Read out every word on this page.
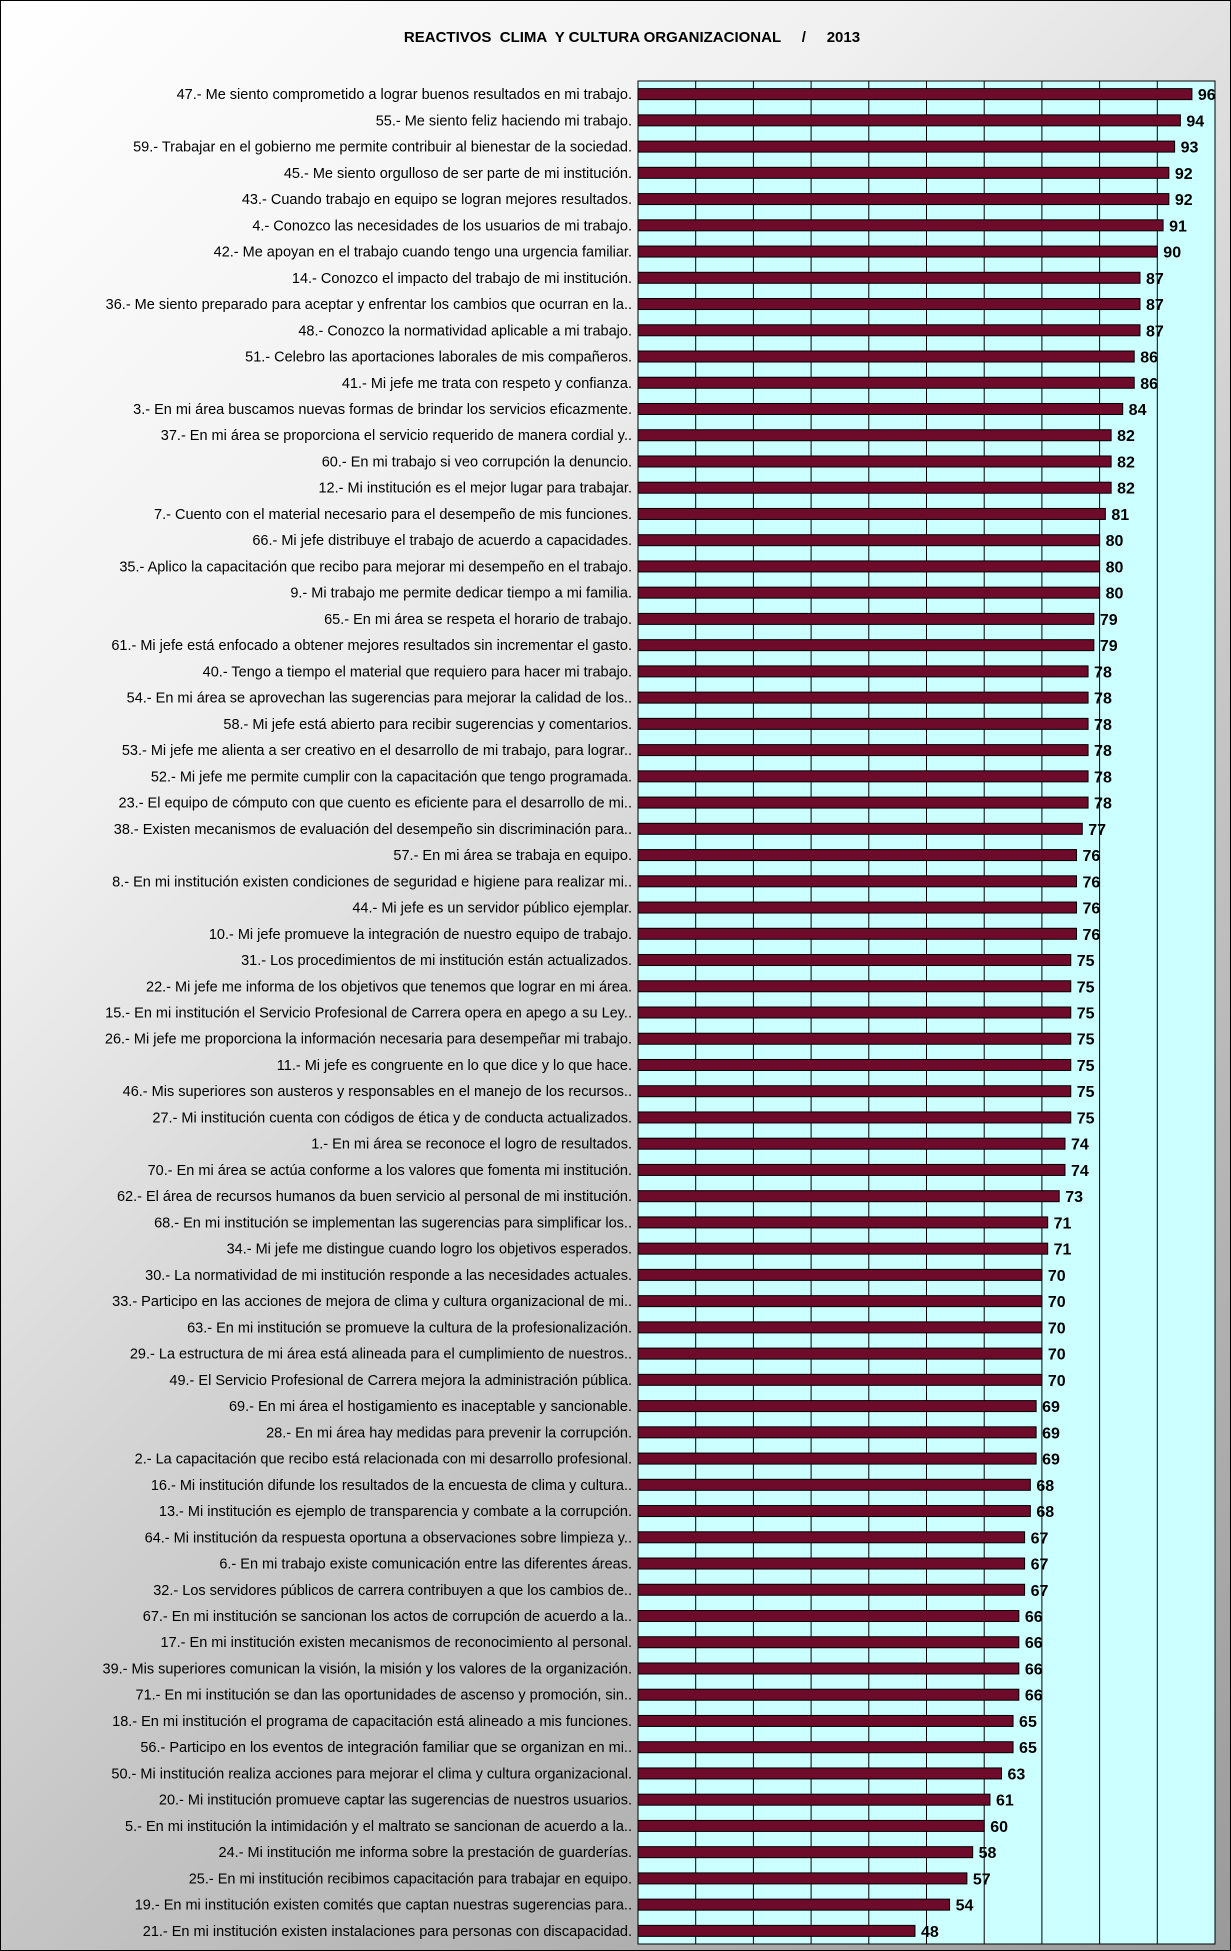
REACTIVOS  CLIMA  Y CULTURA ORGANIZACIONAL     /     2013
47.- Me siento comprometido a lograr buenos resultados en mi trabajo.	96
55.- Me siento feliz haciendo mi trabajo.	94
59.- Trabajar en el gobierno me permite contribuir al bienestar de la sociedad.	93
45.- Me siento orgulloso de ser parte de mi institución.	92
43.- Cuando trabajo en equipo se logran mejores resultados.	92
4.- Conozco las necesidades de los usuarios de mi trabajo.	91
42.- Me apoyan en el trabajo cuando tengo una urgencia familiar.	90
14.- Conozco el impacto del trabajo de mi institución.	87
36.- Me siento preparado para aceptar y enfrentar los cambios que ocurran en la..	87
48.- Conozco la normatividad aplicable a mi trabajo.	87
51.- Celebro las aportaciones laborales de mis compañeros.	86
41.- Mi jefe me trata con respeto y confianza.	86
3.- En mi área buscamos nuevas formas de brindar los servicios eficazmente.	84
37.- En mi área se proporciona el servicio requerido de manera cordial y..	82
60.- En mi trabajo si veo corrupción la denuncio.	82
12.- Mi institución es el mejor lugar para trabajar.	82
7.- Cuento con el material necesario para el desempeño de mis funciones.	81
66.- Mi jefe distribuye el trabajo de acuerdo a capacidades.	80
35.- Aplico la capacitación que recibo para mejorar mi desempeño en el trabajo.	80
9.- Mi trabajo me permite dedicar tiempo a mi familia.	80
65.- En mi área se respeta el horario de trabajo.	79
61.- Mi jefe está enfocado a obtener mejores resultados sin incrementar el gasto.	79
40.- Tengo a tiempo el material que requiero para hacer mi trabajo.	78
54.- En mi área se aprovechan las sugerencias para mejorar la calidad de los..	78
58.- Mi jefe está abierto para recibir sugerencias y comentarios.	78
53.- Mi jefe me alienta a ser creativo en el desarrollo de mi trabajo, para lograr..	78
52.- Mi jefe me permite cumplir con la capacitación que tengo programada.	78
23.- El equipo de cómputo con que cuento es eficiente para el desarrollo de mi..	78
38.- Existen mecanismos de evaluación del desempeño sin discriminación para..	77
57.- En mi área se trabaja en equipo.	76
8.- En mi institución existen condiciones de seguridad e higiene para realizar mi..	76
44.- Mi jefe es un servidor público ejemplar.	76
10.- Mi jefe promueve la integración de nuestro equipo de trabajo.	76
31.- Los procedimientos de mi institución están actualizados.	75
22.- Mi jefe me informa de los objetivos que tenemos que lograr en mi área.	75
15.- En mi institución el Servicio Profesional de Carrera opera en apego a su Ley..	75
26.- Mi jefe me proporciona la información necesaria para desempeñar mi trabajo.	75
11.- Mi jefe es congruente en lo que dice y lo que hace.	75
46.- Mis superiores son austeros y responsables en el manejo de los recursos..	75
27.- Mi institución cuenta con códigos de ética y de conducta actualizados.	75
1.- En mi área se reconoce el logro de resultados.	74
70.- En mi área se actúa conforme a los valores que fomenta mi institución.	74
62.- El área de recursos humanos da buen servicio al personal de mi institución.	73
68.- En mi institución se implementan las sugerencias para simplificar los..	71
34.- Mi jefe me distingue cuando logro los objetivos esperados.	71
30.- La normatividad de mi institución responde a las necesidades actuales.	70
33.- Participo en las acciones de mejora de clima y cultura organizacional de mi..	70
63.- En mi institución se promueve la cultura de la profesionalización.	70
29.- La estructura de mi área está alineada para el cumplimiento de nuestros..	70
49.- El Servicio Profesional de Carrera mejora la administración pública.	70
69.- En mi área el hostigamiento es inaceptable y sancionable.	69
28.- En mi área hay medidas para prevenir la corrupción.	69
2.- La capacitación que recibo está relacionada con mi desarrollo profesional.	69
16.- Mi institución difunde los resultados de la encuesta de clima y cultura..	68
13.- Mi institución es ejemplo de transparencia y combate a la corrupción.	68
64.- Mi institución da respuesta oportuna a observaciones sobre limpieza y..	67
6.- En mi trabajo existe comunicación entre las diferentes áreas.	67
32.- Los servidores públicos de carrera contribuyen a que los cambios de..	67
67.- En mi institución se sancionan los actos de corrupción de acuerdo a la..	66
17.- En mi institución existen mecanismos de reconocimiento al personal.	66
39.- Mis superiores comunican la visión, la misión y los valores de la organización.	66
71.- En mi institución se dan las oportunidades de ascenso y promoción, sin..	66
18.- En mi institución el programa de capacitación está alineado a mis funciones.	65
56.- Participo en los eventos de integración familiar que se organizan en mi..	65
50.- Mi institución realiza acciones para mejorar el clima y cultura organizacional.	63
20.- Mi institución promueve captar las sugerencias de nuestros usuarios.	61
5.- En mi institución la intimidación y el maltrato se sancionan de acuerdo a la..	60
24.- Mi institución me informa sobre la prestación de guarderías.	58
25.- En mi institución recibimos capacitación para trabajar en equipo.	57
19.- En mi institución existen comités que captan nuestras sugerencias para..	54
21.- En mi institución existen instalaciones para personas con discapacidad.	48
